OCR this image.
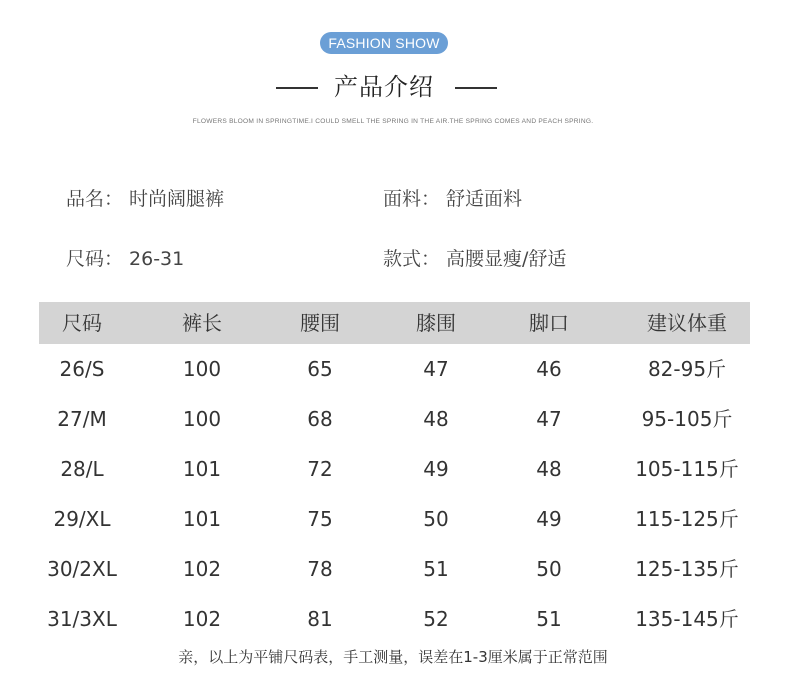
FASHION SHOW
产品介绍
FLOWERS BLOOM IN SPRINGTIME.I COULD SMELL THE SPRING IN THE AIR.THE SPRING COMES AND PEACH SPRING.
品名： 时尚阔腿裤	面料： 舒适面料
尺码： 26-31	款式： 高腰显瘦/舒适
尺码	裤长	腰围	膝围	脚口	建议体重
26/S	100	65	47	46	82-95斤
27/M	100	68	48	47	95-105斤
28/L	101	72	49	48	105-115斤
29/XL	101	75	50	49	115-125斤
30/2XL	102	78	51	50	125-135斤
31/3XL	102	81	52	51	135-145斤
亲，以上为平铺尺码表，手工测量，误差在1-3厘米属于正常范围
